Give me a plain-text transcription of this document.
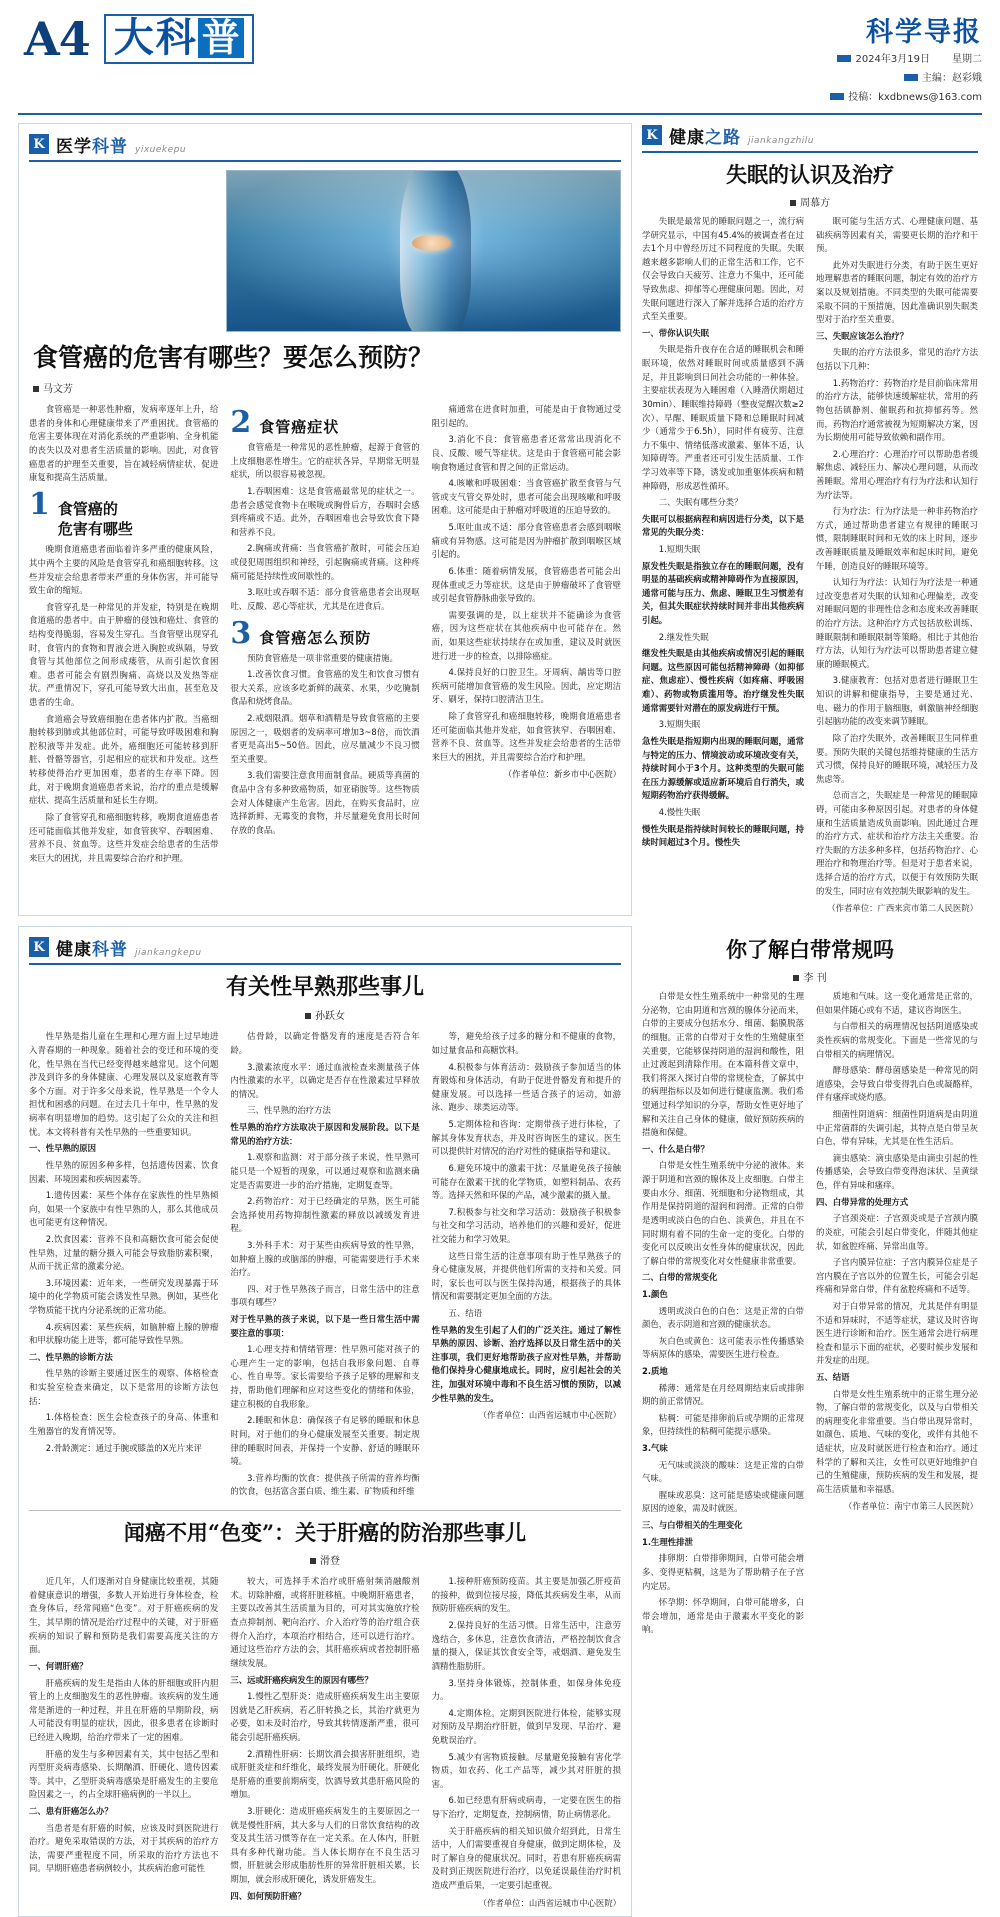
A4 大 科 普	科学导报
2024年3月19日 星期二
主编：赵彩娥
投稿：kxdbnews@163.com
K 医学科普 yixuekepu
食管癌的危害有哪些？要怎么预防？
马文芳

食管癌是一种恶性肿瘤，发病率逐年上升，给患者的身体和心理健康带来了严重困扰。食管癌的危害主要体现在对消化系统的严重影响、全身机能的丧失以及对患者生活质量的影响。因此，对食管癌患者的护理至关重要，旨在减轻病情症状、促进康复和提高生活质量。

1 食管癌的
危害有哪些

晚期食道癌患者面临着许多严重的健康风险，其中两个主要的风险是食管穿孔和癌细胞转移。这些并发症会给患者带来严重的身体伤害，并可能导致生命的缩短。

食管穿孔是一种常见的并发症，特别是在晚期食道癌的患者中。由于肿瘤的侵蚀和癌灶、食管的结构变得脆弱，容易发生穿孔。当食管壁出现穿孔时，食管内的食物和胃液会进入胸腔或纵隔，导致食管与其他部位之间形成瘘管，从而引起饮食困难。患者可能会有剧烈胸痛、高烧以及发热等症状。严重情况下，穿孔可能导致大出血，甚至危及患者的生命。

食道癌会导致癌细胞在患者体内扩散。当癌细胞转移到肺或其他部位时，可能导致呼吸困难和胸腔积液等并发症。此外，癌细胞还可能转移到肝脏、骨骼等器官，引起相应的症状和并发症。这些转移使得治疗更加困难，患者的生存率下降。因此，对于晚期食道癌患者来说，治疗的重点是缓解症状、提高生活质量和延长生存期。

除了食管穿孔和癌细胞转移，晚期食道癌患者还可能面临其他并发症，如食管狭窄、吞咽困难、营养不良、贫血等。这些并发症会给患者的生活带来巨大的困扰，并且需要综合治疗和护理。

2 食管癌症状

食管癌是一种常见的恶性肿瘤，起源于食管的上皮细胞恶性增生。它的症状各异，早期常无明显症状，所以很容易被忽视。

1.吞咽困难：这是食管癌最常见的症状之一。患者会感觉食物卡在喉咙或胸骨后方，吞咽时会感到疼痛或不适。此外，吞咽困难也会导致饮食下降和营养不良。

2.胸痛或背痛：当食管癌扩散时，可能会压迫或侵犯周围组织和神经，引起胸痛或背痛。这种疼痛可能是持续性或间歇性的。

3.呕吐或吞咽不适：部分食管癌患者会出现呕吐、反酸、恶心等症状，尤其是在进食后。

3 食管癌怎么预防

预防食管癌是一项非常重要的健康措施。

1.改善饮食习惯。食管癌的发生和饮食习惯有很大关系，应该多吃新鲜的蔬菜、水果，少吃腌制食品和烧烤食品。

2.戒烟限酒。烟草和酒精是导致食管癌的主要原因之一，吸烟者的发病率可增加3~8倍，而饮酒者更是高出5~50倍。因此，应尽量减少不良习惯至关重要。

3.我们需要注意食用面制食品。硬质等真菌的食品中含有多种致癌物质，如亚硝胺等。这些物质会对人体健康产生危害。因此，在购买食品时，应选择新鲜、无霉变的食物，并尽量避免食用长时间存放的食品。

痛通常在进食时加重，可能是由于食物通过受阻引起的。

3.消化不良：食管癌患者还常常出现消化不良、反酸、嗳气等症状。这是由于食管癌可能会影响食物通过食管和胃之间的正常运动。

4.咳嗽和呼吸困难：当食管癌扩散至食管与气管或支气管交界处时，患者可能会出现咳嗽和呼吸困难。这可能是由于肿瘤对呼吸道的压迫导致的。

5.呕吐血或不适：部分食管癌患者会感到咽喉痛或有异物感。这可能是因为肿瘤扩散到咽喉区域引起的。

6.体重：随着病情发展，食管癌患者可能会出现体重或乏力等症状。这是由于肿瘤破坏了食管壁或引起食管静脉曲张导致的。

需要强调的是，以上症状并不能确诊为食管癌，因为这些症状在其他疾病中也可能存在。然而，如果这些症状持续存在或加重，建议及时就医进行进一步的检查，以排除癌症。

4.保持良好的口腔卫生。牙周病、龋齿等口腔疾病可能增加食管癌的发生风险。因此，应定期洁牙、刷牙，保持口腔清洁卫生。

除了食管穿孔和癌细胞转移，晚期食道癌患者还可能面临其他并发症，如食管狭窄、吞咽困难、营养不良、贫血等。这些并发症会给患者的生活带来巨大的困扰，并且需要综合治疗和护理。

（作者单位：新乡市中心医院）
K 健康之路 jiankangzhilu
失眠的认识及治疗
周慕方

失眠是最常见的睡眠问题之一，流行病学研究显示，中国有45.4%的被调查者在过去1个月中曾经历过不同程度的失眠。失眠越来越多影响人们的正常生活和工作，它不仅会导致白天疲劳、注意力不集中，还可能导致焦虑、抑郁等心理健康问题。因此，对失眠问题进行深入了解并选择合适的治疗方式至关重要。

一、带你认识失眠

失眠是指升夜存在合适的睡眠机会和睡眠环境，依然对睡眠时间或质量感到不满足，并且影响到日间社会功能的一种体验。主要症状表现为入睡困难（入睡潜伏期超过30min）、睡眠维持障碍（整夜觉醒次数≥2次）、早醒、睡眠质量下降和总睡眠时间减少（通常少于6.5h），同时伴有疲劳、注意力不集中、情绪低落或激素、躯体不适，认知障碍等。严重者还可引发生活质量、工作学习效率等下降，诱发或加重躯体疾病和精神障碍，形成恶性循环。

二、失眠有哪些分类？

失眠可以根据病程和病因进行分类，以下是常见的失眠分类：

1.短期失眠

原发性失眠是指独立存在的睡眠问题，没有明显的基础疾病或精神障碍作为直接原因，通常可能与压力、焦虑、睡眠卫生习惯差有关，但其失眠症状持续时间并非出其他疾病引起。

2.继发性失眠

继发性失眠是由其他疾病或情况引起的睡眠问题。这些原因可能包括精神障碍（如抑郁症、焦虑症）、慢性疾病（如疼痛、呼吸困难）、药物或物质滥用等。治疗继发性失眠通常需要针对潜在的原发病进行干预。

3.短期失眠

急性失眠是指短期内出现的睡眠问题，通常与特定的压力、情境波动或环境改变有关，持续时间小于3个月。这种类型的失眠可能在压力源缓解或适应新环境后自行消失，或短期药物治疗获得缓解。

4.慢性失眠

慢性失眠是指持续时间较长的睡眠问题，持续时间超过3个月。慢性失

眠可能与生活方式、心理健康问题、基础疾病等因素有关，需要更长期的治疗和干预。

此外对失眠进行分类，有助于医生更好地理解患者的睡眠问题，制定有效的治疗方案以及规划措施。不同类型的失眠可能需要采取不同的干预措施，因此准确识别失眠类型对于治疗至关重要。

三、失眠应该怎么治疗？

失眠的治疗方法很多，常见的治疗方法包括以下几种：

1.药物治疗：药物治疗是目前临床常用的治疗方法，能够快速缓解症状，常用的药物包括镇静剂、催眠药和抗抑郁药等。然而，药物治疗通常被视为短期解决方案，因为长期使用可能导致依赖和副作用。

2.心理治疗：心理治疗可以帮助患者缓解焦虑、减轻压力、解决心理问题，从而改善睡眠。常用心理治疗有行为疗法和认知行为疗法等。

行为疗法：行为疗法是一种非药物治疗方式，通过帮助患者建立有规律的睡眠习惯，限制睡眠时间和无效的床上时间，逐步改善睡眠质量及睡眠效率和起床时间，避免午睡，创造良好的睡眠环境等。

认知行为疗法：认知行为疗法是一种通过改变患者对失眠的认知和心理偏差，改变对睡眠问题的非理性信念和态度来改善睡眠的治疗方法。这种治疗方式包括放松训练、睡眠限制和睡眠限制等策略。相比于其他治疗方法，认知行为疗法可以帮助患者建立健康的睡眠模式。

3.健康教育：包括对患者进行睡眠卫生知识的讲解和健康指导，主要是通过光、电、磁力的作用于脑细胞，刺激脑神经细胞引起脑功能的改变来调节睡眠。

除了治疗失眠外，改善睡眠卫生同样重要。预防失眠的关键包括维持健康的生活方式习惯，保持良好的睡眠环境，减轻压力及焦虑等。

总而言之，失眠症是一种常见的睡眠障碍，可能由多种原因引起。对患者的身体健康和生活质量造成负面影响。因此通过合理的治疗方式、症状和治疗方法主关重要。治疗失眠的方法多种多样，包括药物治疗、心理治疗和物理治疗等。但是对于患者来说，选择合适的治疗方式，以便于有效预防失眠的发生，同时应有效控制失眠影响的发生。

（作者单位：广西来宾市第二人民医院）
K 健康科普 jiankangkepu
有关性早熟那些事儿
孙跃女

性早熟是指儿童在生理和心理方面上过早地进入青春期的一种现象。随着社会的变迁和环境的变化，性早熟在当代已经变得越来越常见。这个问题涉及到许多的身体健康、心理发展以及家庭教育等多个方面。对于许多父母来说，性早熟是一个令人担忧和困惑的问题。在过去几十年中，性早熟的发病率有明显增加的趋势。这引起了公众的关注和担忧。本文将科普有关性早熟的一些重要知识。

一、性早熟的原因

性早熟的原因多种多样，包括遗传因素、饮食因素、环境因素和疾病因素等。

1.遗传因素：某些个体存在家族性的性早熟倾向，如果一个家族中有性早熟的人，那么其他成员也可能更有这种情况。

2.饮食因素：营养不良和高糖饮食可能会促使性早熟，过量的糖分摄入可能会导致脂肪素积聚，从而干扰正常的激素分泌。

3.环境因素：近年来，一些研究发现暴露于环境中的化学物质可能会诱发性早熟。例如，某些化学物质能干扰内分泌系统的正常功能。

4.疾病因素：某些疾病，如脑肿瘤上腺的肿瘤和甲状腺功能上进等，都可能导致性早熟。

二、性早熟的诊断方法

性早熟的诊断主要通过医生的观察、体格检查和实验室检查来确定，以下是常用的诊断方法包括：

1.体格检查：医生会检查孩子的身高、体重和生殖器官的发育情况等。

2.骨龄测定：通过手腕或膝盖的X光片来评

估骨龄，以确定骨骼发育的速度是否符合年龄。

3.激素浓度水平：通过血液检查来测量孩子体内性激素的水平，以确定是否存在性激素过早释放的情况。

三、性早熟的治疗方法

性早熟的治疗方法取决于原因和发展阶段。以下是常见的治疗方法：

1.观察和监测：对于部分孩子来说，性早熟可能只是一个短暂的现象，可以通过观察和监测来确定是否需要进一步的治疗措施，定期复查等。

2.药物治疗：对于已经确定的早熟，医生可能会选择使用药物抑制性激素的释放以减缓发育进程。

3.外科手术：对于某些由疾病导致的性早熟，如肿瘤上腺的或脑部的肿瘤，可能需要进行手术来治疗。

四、对于性早熟孩子而言，日常生活中的注意事项有哪些？

对于性早熟的孩子来说，以下是一些日常生活中需要注意的事项：

1.心理支持和情绪管理：性早熟可能对孩子的心理产生一定的影响，包括自我形象问题、自尊心、性自卑等。家长需要给予孩子足够的理解和支持，帮助他们理解和应对这些变化的情绪和体验，建立积极的自我形象。

2.睡眠和休息：确保孩子有足够的睡眠和休息时间，对于他们的身心健康发展至关重要。制定规律的睡眠时间表，并保持一个安静、舒适的睡眠环境。

3.营养均衡的饮食：提供孩子所需的营养均衡的饮食，包括富含蛋白质、维生素、矿物质和纤维

等，避免给孩子过多的糖分和不健康的食物，如过量食品和高糖饮料。

4.积极参与体育活动：鼓励孩子参加适当的体育锻炼和身体活动，有助于促进骨骼发育和提升的健康发展。可以选择一些适合孩子的运动，如游泳、跑步、球类运动等。

5.定期体检和咨询：定期带孩子进行体检，了解其身体发育状态，并及时咨询医生的建议。医生可以提供针对情况的治疗对性的健康指导和建议。

6.避免环境中的激素干扰：尽量避免孩子接触可能存在激素干扰的化学物质，如塑料制品、农药等。选择天然和环保的产品，减少激素的摄入量。

7.积极参与社交和学习活动：鼓励孩子积极参与社交和学习活动，培养他们的兴趣和爱好，促进社交能力和学习效果。

这些日常生活的注意事项有助于性早熟孩子的身心健康发展，并提供他们所需的支持和关爱。同时，家长也可以与医生保持沟通，根据孩子的具体情况和需要制定更加全面的方法。

五、结语

性早熟的发生引起了人们的广泛关注。通过了解性早熟的原因、诊断、治疗选择以及日常生活中的关注事项，我们更好地帮助孩子应对性早熟，并帮助他们保持身心健康地成长。同时，应引起社会的关注，加强对环境中毒和不良生活习惯的预防，以减少性早熟的发生。

（作者单位：山西省运城市中心医院）
闻癌不用“色变”：关于肝癌的防治那些事儿
滑登

近几年，人们逐渐对自身健康比较重视，其随着健康意识的增强，多数人开始进行身体检查，检查身体后，经常闻癌“色变”。对于肝癌疾病的发生，其早期的情况是治疗过程中的关键，对于肝癌疾病的知识了解和预防是我们需要高度关注的方面。

一、何谓肝癌？

肝癌疾病的发生是指由人体的肝细胞或肝内胆管上的上皮细胞发生的恶性肿瘤。该疾病的发生通常是渐进的一种过程，并且在肝癌的早期阶段，病人可能没有明显的症状，因此，很多患者在诊断时已经进入晚期，给治疗带来了一定的困难。

肝癌的发生与多种因素有关，其中包括乙型和丙型肝炎病毒感染、长期酗酒、肝硬化、遗传因素等。其中，乙型肝炎病毒感染是肝癌发生的主要危险因素之一，约占全球肝癌病例的一半以上。

二、患有肝癌怎么办？

当患者是有肝癌的时候，应该及时到医院进行治疗。避免采取错误的方法，对于其疾病的治疗方法，需要严重程度不同，所采取的治疗方法也不同。早期肝癌患者病例较小，其疾病治愈可能性

较大，可选择手术治疗或肝癌射频消融酸剂术。切除肿瘤，或将肝脏移植。中晚期肝癌患者，主要以改善其生活质量为目的，可对其实施放疗检查点抑制剂、靶向治疗、介入治疗等的治疗组合获得介入治疗，本项治疗相结合，还可以进行治疗。通过这些治疗方法的会，其肝癌疾病或者控制肝癌继续发展。

三、远或肝癌疾病发生的原因有哪些？

1.慢性乙型肝炎：造成肝癌疾病发生出主要原因就是乙肝疾病，若乙肝转换之长，其治疗就更为必要，如未及时治疗，导致其转情逐渐严重，很可能会引起肝癌疾病。

2.酒精性肝病：长期饮酒会损害肝脏组织，造成肝脏炎症和纤维化，最终发展为肝硬化。肝硬化是肝癌的重要前期病变，饮酒导致其患肝癌风险的增加。

3.肝硬化：造成肝癌疾病发生的主要原因之一就是慢性肝病，其大多与人们的日常饮食结构的改变及其生活习惯等存在一定关系。在人体内，肝脏具有多种代谢功能。当人体长期存在不良生活习惯，肝脏就会形成脂肪性肝的异常肝脏相关累，长期加，就会形成肝硬化，诱发肝癌发生。

四、如何预防肝癌？

1.接种肝癌预防疫苗。其主要是加强乙肝疫苗的接种，做到位接尽接，降低其疾病发生率，从而预防肝癌疾病的发生。

2.保持良好的生活习惯。日常生活中，注意劳逸结合，多休息，注意饮食清洁，严格控制饮食含量的摄入，保证其饮食安全等，戒烟酒、避免发生酒精性脂肪肝。

3.坚持身体锻炼，控制体重，如保身体免疫力。

4.定期体检。定期到医院进行体检，能够实现对预防及早期治疗肝脏，做到早发现、早治疗、避免耽误治疗。

5.减少有害物质接触。尽量避免接触有害化学物质，如农药、化工产品等，减少其对肝脏的损害。

6.如已经患有肝病或病毒，一定要在医生的指导下治疗，定期复查，控制病情，防止病情恶化。

关于肝癌疾病的相关知识做介绍到此，日常生活中，人们需要重视自身健康，做到定期体检，及时了解自身的健康状况。同时，若患有肝癌疾病需及时到正规医院进行治疗，以免延误最佳治疗时机造成严重后果，一定要引起重视。

（作者单位：山西省运城市中心医院）
你了解白带常规吗
李 刊

白带是女性生殖系统中一种常见的生理分泌物，它由阴道和宫颈的腺体分泌而来，白带的主要成分包括水分、细菌、黏膜脱落的细胞。正常的白带对于女性的生殖健康至关重要，它能够保持阴道的湿润和酸性，阻止过渡起到清除作用。在本篇科普文章中，我们将深入探讨白带的常规检查，了解其中的病理指标以及如何进行健康监测。我们希望通过科学知识的分享，帮助女性更好地了解和关注自己身体的健康，做好预防疾病的措施和保健。

一、什么是白带？

白带是女性生殖系统中分泌的液体。来源于阴道和宫颈的腺体及上皮细胞。白带主要由水分、细菌、死细胞和分泌物组成，其作用是保持阴道的湿润和润滑。正常的白带是透明或淡白色的白色、淡黄色，并且在不同时期有着不同的生命一定的变化。白带的变化可以反映出女性身体的健康状况，因此了解白带的常规变化对女性健康非常重要。

二、白带的常规变化

1.颜色

透明或淡白色的白色：这是正常的白带颜色，表示阴道和宫颈的健康状态。

灰白色或黄色：这可能表示性传播感染等病原体的感染，需要医生进行检查。

2.质地

稀薄：通常是在月经周期结束后或排卵期的前正常情况。

粘稠：可能是排卵前后或孕期的正常现象，但持续性的粘稠可能提示感染。

3.气味

无气味或淡淡的酸味：这是正常的白带气味。

腥味或恶臭：这可能是感染或健康问题原因的迹象，需及时就医。

三、与白带相关的生理变化

1.生理性排泄

排卵期：白带排卵期间，白带可能会增多、变得更粘稠，这是为了帮助精子在子宫内定居。

怀孕期：怀孕期间，白带可能增多，白带会增加，通常是由于激素水平变化的影响。

质地和气味。这一变化通常是正常的，但如果伴随心或有不适，建议咨询医生。

与白带相关的病理情况包括阴道感染或炎性疾病的常规变化。下面是一些常见的与白带相关的病理情况。

酵母感染：酵母菌感染是一种常见的阴道感染，会导致白带变得乳白色或凝酪样，伴有瘙痒或烧灼感。

细菌性阴道病：细菌性阴道病是由阴道中正常菌群的失调引起，其特点是白带呈灰白色，带有异味，尤其是在性生活后。

滴虫感染：滴虫感染是由滴虫引起的性传播感染，会导致白带变得泡沫状、呈黄绿色，伴有异味和瘙痒。

四、白带异常的处理方式

子宫颈炎症：子宫颈炎或是子宫颈内膜的炎症，可能会引起白带变化，伴随其他症状，如盆腔疼痛、异常出血等。

子宫内膜异位症：子宫内膜异位症是子宫内膜在子宫以外的位置生长，可能会引起疼痛和异常白带，伴有盆腔疼痛和不适等。

对于白带异常的情况，尤其是伴有明显不适和异味时，不适等症状，建议及时咨询医生进行诊断和治疗。医生通常会进行病理检查和显示下面的症状，必要时候步发展和并发症的出现。

五、结语

白带是女性生殖系统中的正常生理分泌物，了解白带的常规变化，以及与白带相关的病理变化非常重要。当白带出现异常时，如颜色、质地、气味的变化，或伴有其他不适症状，应及时就医进行检查和治疗。通过科学的了解和关注，女性可以更好地维护自己的生殖健康，预防疾病的发生和发展，提高生活质量和幸福感。

（作者单位：南宁市第三人民医院）
